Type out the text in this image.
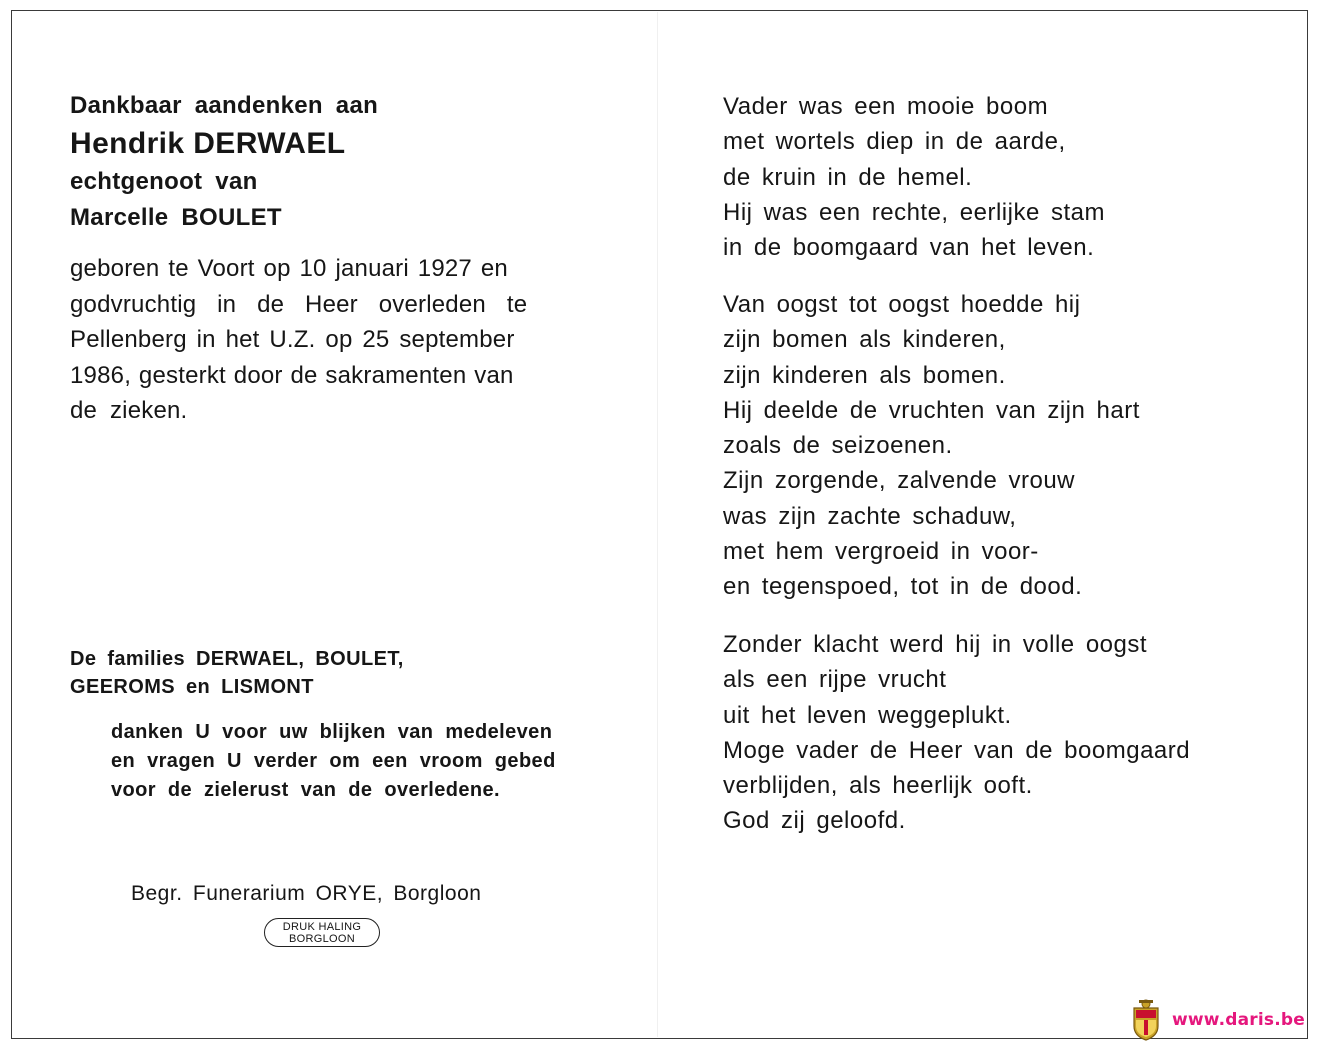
Dankbaar aandenken aan

Hendrik DERWAEL

echtgenoot van

Marcelle BOULET

geboren te Voort op 10 januari 1927 en
godvruchtig in de Heer overleden te
Pellenberg in het U.Z. op 25 september
1986, gesterkt door de sakramenten van
de zieken.
De families DERWAEL, BOULET,
GEEROMS en LISMONT
danken U voor uw blijken van medeleven
en vragen U verder om een vroom gebed
voor de zielerust van de overledene.
Begr. Funerarium ORYE, Borgloon
DRUK HALING
BORGLOON
Vader was een mooie boom
met wortels diep in de aarde,
de kruin in de hemel.
Hij was een rechte, eerlijke stam
in de boomgaard van het leven.
Van oogst tot oogst hoedde hij
zijn bomen als kinderen,
zijn kinderen als bomen.
Hij deelde de vruchten van zijn hart
zoals de seizoenen.
Zijn zorgende, zalvende vrouw
was zijn zachte schaduw,
met hem vergroeid in voor-
en tegenspoed, tot in de dood.
Zonder klacht werd hij in volle oogst
als een rijpe vrucht
uit het leven weggeplukt.
Moge vader de Heer van de boomgaard
verblijden, als heerlijk ooft.
God zij geloofd.
www.daris.be
